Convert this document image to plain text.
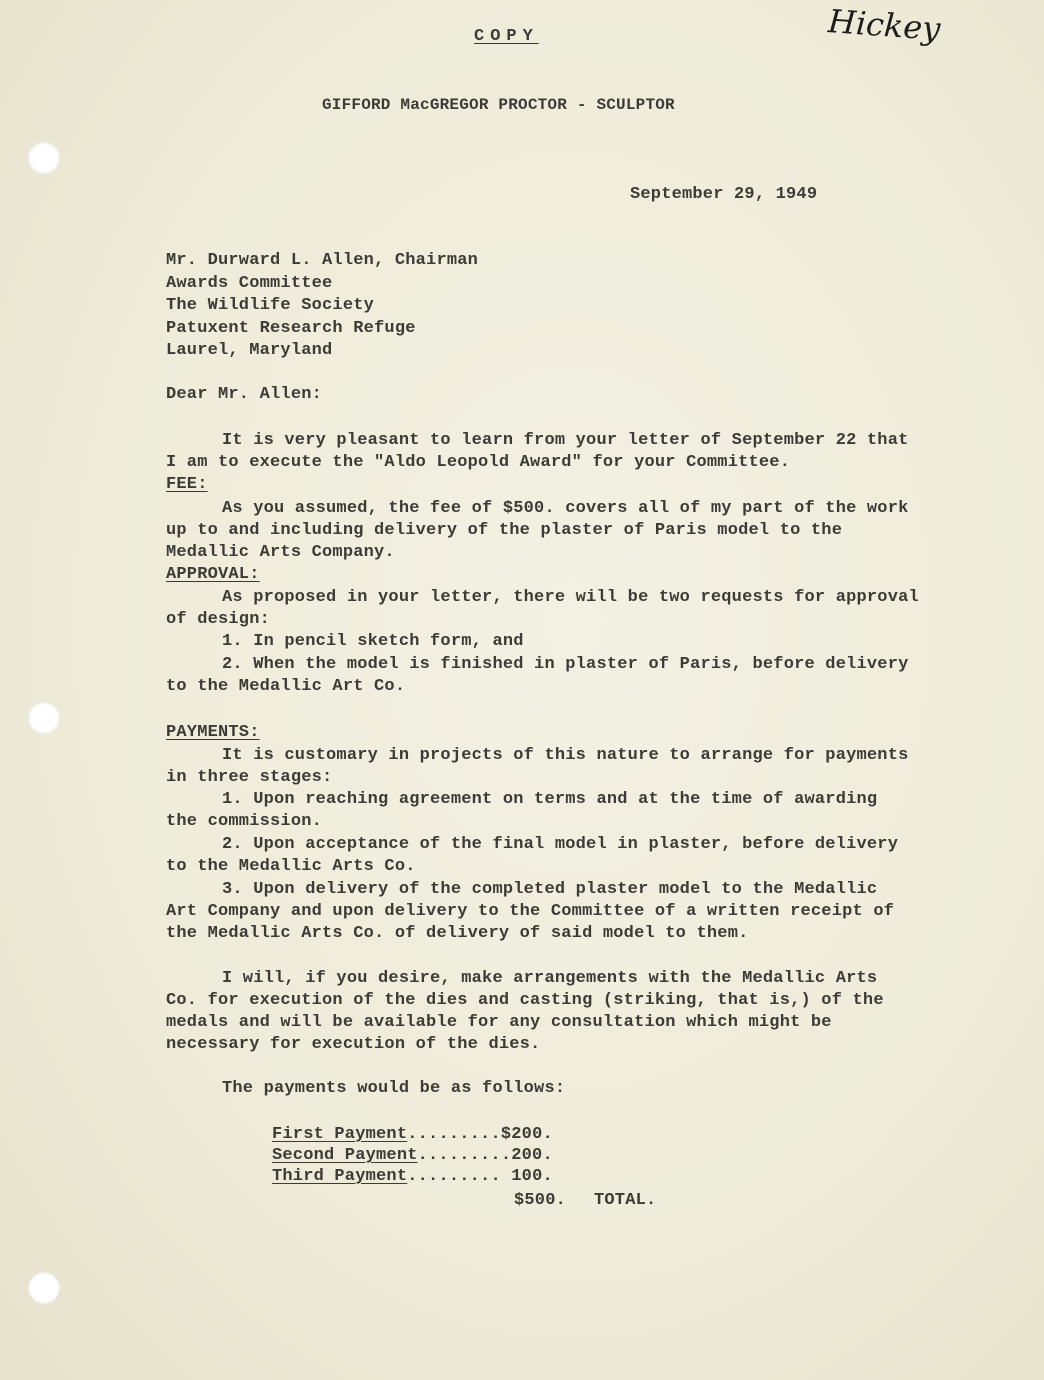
Hickey
COPY
GIFFORD MacGREGOR PROCTOR - SCULPTOR
September 29, 1949
Mr. Durward L. Allen, Chairman
Awards Committee
The Wildlife Society
Patuxent Research Refuge
Laurel, Maryland
Dear Mr. Allen:
It is very pleasant to learn from your letter of September 22 that
I am to execute the "Aldo Leopold Award" for your Committee.
FEE:
As you assumed, the fee of $500. covers all of my part of the work
up to and including delivery of the plaster of Paris model to the
Medallic Arts Company.
APPROVAL:
As proposed in your letter, there will be two requests for approval
of design:
1. In pencil sketch form, and
2. When the model is finished in plaster of Paris, before delivery
to the Medallic Art Co.
PAYMENTS:
It is customary in projects of this nature to arrange for payments
in three stages:
1. Upon reaching agreement on terms and at the time of awarding
the commission.
2. Upon acceptance of the final model in plaster, before delivery
to the Medallic Arts Co.
3. Upon delivery of the completed plaster model to the Medallic
Art Company and upon delivery to the Committee of a written receipt of
the Medallic Arts Co. of delivery of said model to them.
I will, if you desire, make arrangements with the Medallic Arts
Co. for execution of the dies and casting (striking, that is,) of the
medals and will be available for any consultation which might be
necessary for execution of the dies.
The payments would be as follows:
First Payment.........$200.
Second Payment.........200.
Third Payment......... 100.
$500. TOTAL.
